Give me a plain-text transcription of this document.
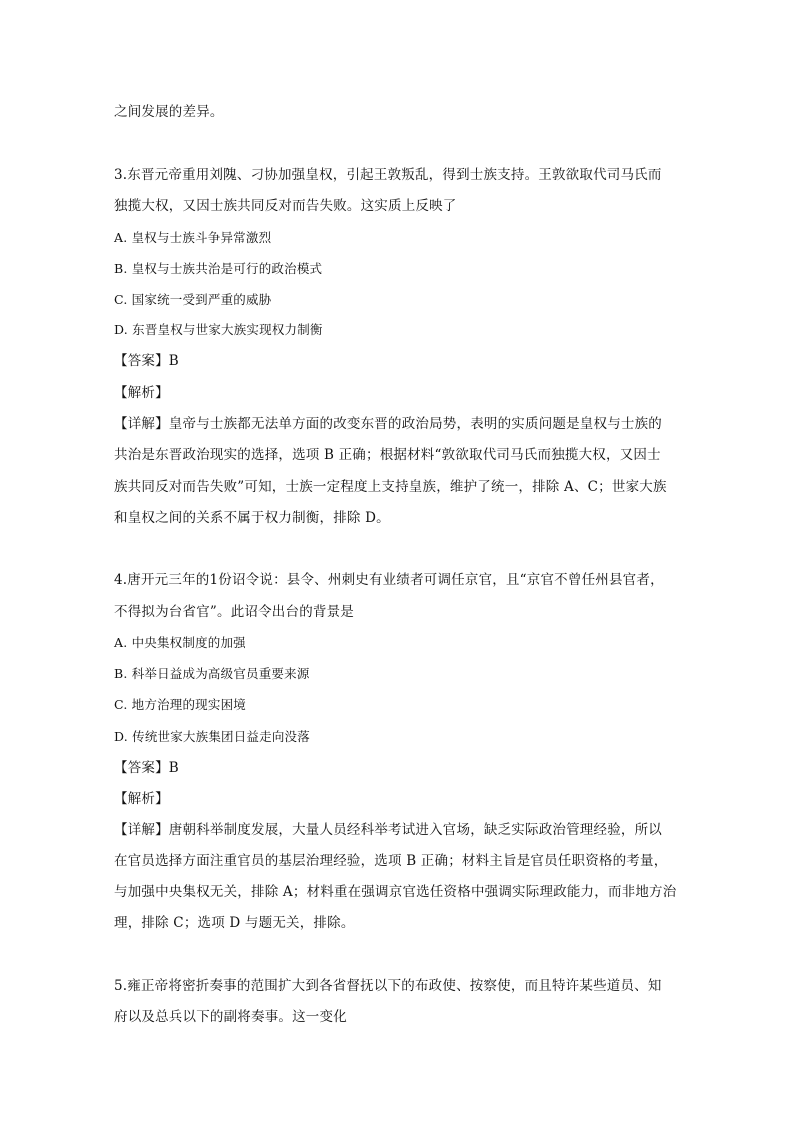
之间发展的差异。
3.东晋元帝重用刘隗、刁协加强皇权，引起王敦叛乱，得到士族支持。王敦欲取代司马氏而
独揽大权，又因士族共同反对而告失败。这实质上反映了
A. 皇权与士族斗争异常激烈
B. 皇权与士族共治是可行的政治模式
C. 国家统一受到严重的威胁
D. 东晋皇权与世家大族实现权力制衡
【答案】B
【解析】
【详解】皇帝与士族都无法单方面的改变东晋的政治局势，表明的实质问题是皇权与士族的
共治是东晋政治现实的选择，选项 B 正确；根据材料“敦欲取代司马氏而独揽大权，又因士
族共同反对而告失败”可知，士族一定程度上支持皇族，维护了统一，排除 A、C；世家大族
和皇权之间的关系不属于权力制衡，排除 D。
4.唐开元三年的1份诏令说：县令、州刺史有业绩者可调任京官，且“京官不曾任州县官者，
不得拟为台省官”。此诏令出台的背景是
A. 中央集权制度的加强
B. 科举日益成为高级官员重要来源
C. 地方治理的现实困境
D. 传统世家大族集团日益走向没落
【答案】B
【解析】
【详解】唐朝科举制度发展，大量人员经科举考试进入官场，缺乏实际政治管理经验，所以
在官员选择方面注重官员的基层治理经验，选项 B 正确；材料主旨是官员任职资格的考量，
与加强中央集权无关，排除 A；材料重在强调京官选任资格中强调实际理政能力，而非地方治
理，排除 C；选项 D 与题无关，排除。
5.雍正帝将密折奏事的范围扩大到各省督抚以下的布政使、按察使，而且特许某些道员、知
府以及总兵以下的副将奏事。这一变化
